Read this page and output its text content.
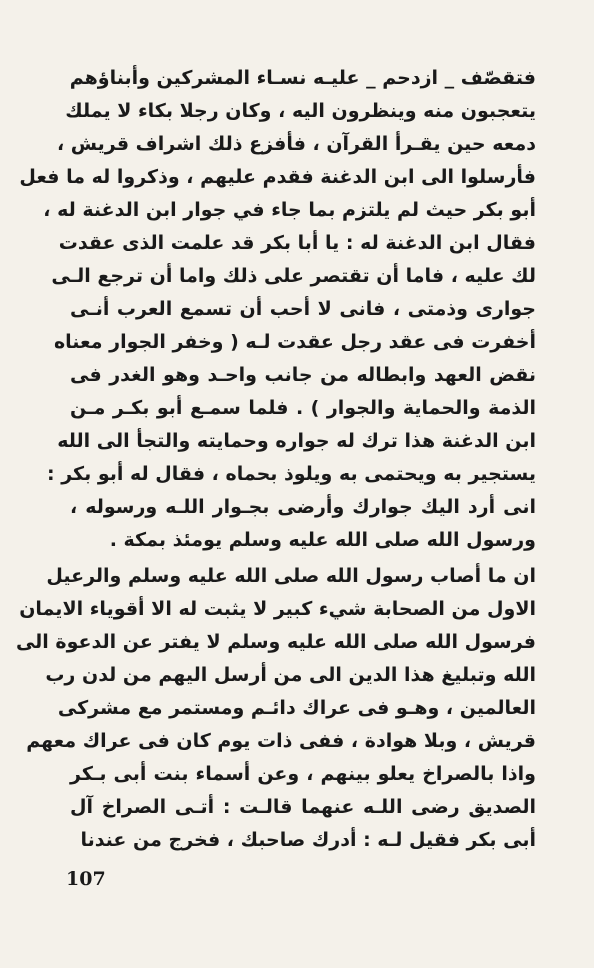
فتقصّف _ ازدحم _ عليـه نسـاء المشركين وأبناؤهم
يتعجبون منه وينظرون اليه ، وكان رجلا بكاء لا يملك
دمعه حين يقـرأ القرآن ، فأفزع ذلك اشراف قريش ،
فأرسلوا الى ابن الدغنة فقدم عليهم ، وذكروا له ما فعل
أبو بكر حيث لم يلتزم بما جاء في جوار ابن الدغنة له ،
فقال ابن الدغنة له : يا أبا بكر قد علمت الذى عقدت
لك عليه ، فاما أن تقتصر على ذلك واما أن ترجع الـى
جوارى وذمتى ، فانى لا أحب أن تسمع العرب أنـى
أخفرت فى عقد رجل عقدت لـه ( وخفر الجوار معناه
نقض العهد وابطاله من جانب واحـد وهو الغدر فى
الذمة والحماية والجوار ) . فلما سمـع أبو بكـر مـن
ابن الدغنة هذا ترك له جواره وحمايته والتجأ الى الله
يستجير به ويحتمى به ويلوذ بحماه ، فقال له أبو بكر :
انى أرد اليك جوارك وأرضى بجـوار اللـه ورسوله ،
ورسول الله صلى الله عليه وسلم يومئذ بمكة .
ان ما أصاب رسول الله صلى الله عليه وسلم والرعيل
الاول من الصحابة شيء كبير لا يثبت له الا أقوياء الايمان
فرسول الله صلى الله عليه وسلم لا يفتر عن الدعوة الى
الله وتبليغ هذا الدين الى من أرسل اليهم من لدن رب
العالمين ، وهـو فى عراك دائـم ومستمر مع مشركى
قريش ، وبلا هوادة ، ففى ذات يوم كان فى عراك معهم
واذا بالصراخ يعلو بينهم ، وعن أسماء بنت أبى بـكر
الصديق رضى اللـه عنهما قالـت : أتـى الصراخ آل
أبى بكر فقيل لـه : أدرك صاحبك ، فخرج من عندنا
107
